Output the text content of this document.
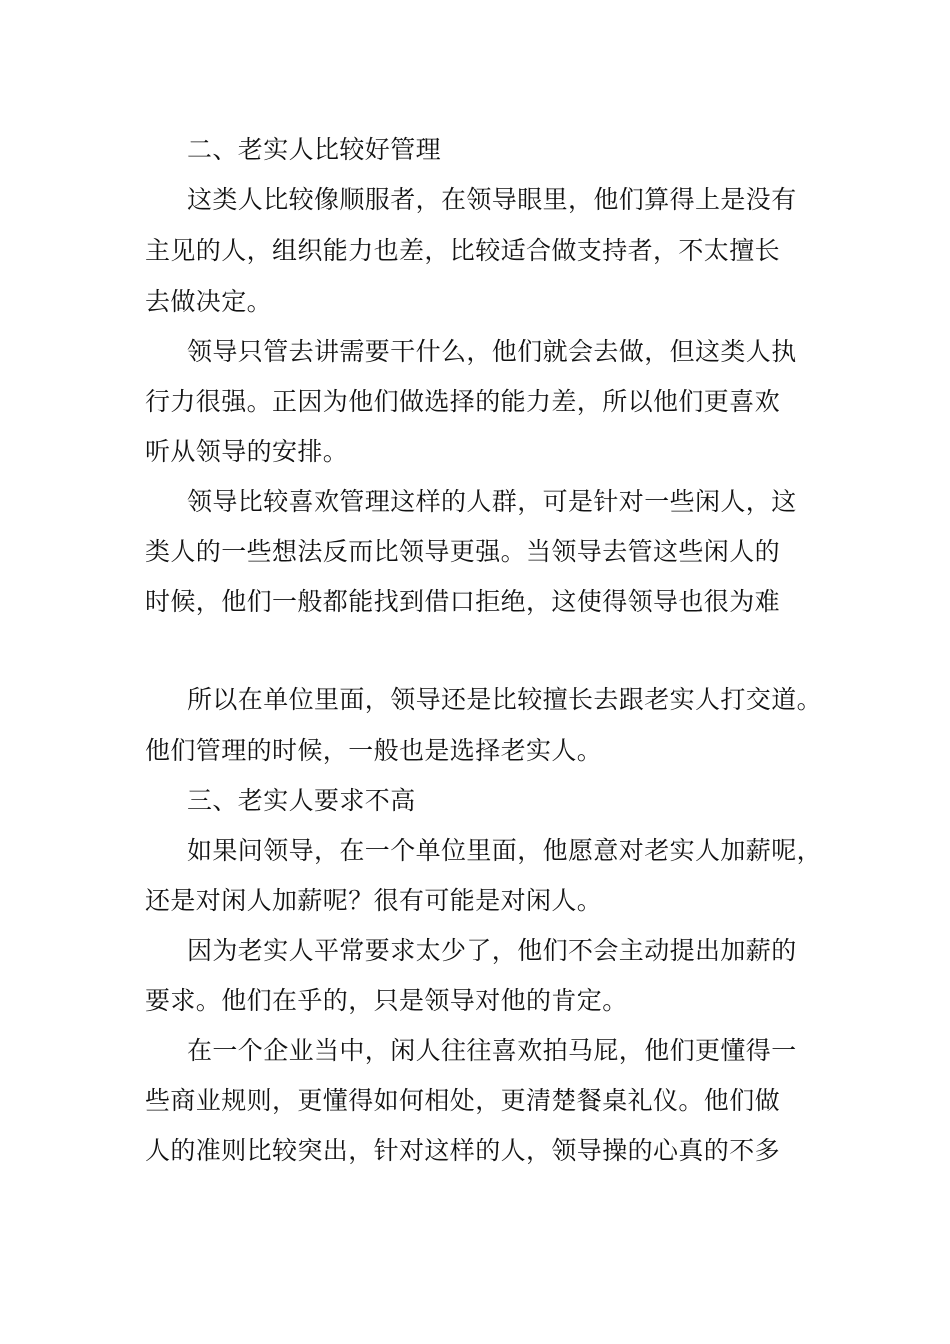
二、老实人比较好管理

这类人比较像顺服者，在领导眼里，他们算得上是没有

主见的人，组织能力也差，比较适合做支持者，不太擅长

去做决定。

领导只管去讲需要干什么，他们就会去做，但这类人执

行力很强。正因为他们做选择的能力差，所以他们更喜欢

听从领导的安排。

领导比较喜欢管理这样的人群，可是针对一些闲人，这

类人的一些想法反而比领导更强。当领导去管这些闲人的

时候，他们一般都能找到借口拒绝，这使得领导也很为难

所以在单位里面，领导还是比较擅长去跟老实人打交道。

他们管理的时候，一般也是选择老实人。

三、老实人要求不高

如果问领导，在一个单位里面，他愿意对老实人加薪呢，

还是对闲人加薪呢？很有可能是对闲人。

因为老实人平常要求太少了，他们不会主动提出加薪的

要求。他们在乎的，只是领导对他的肯定。

在一个企业当中，闲人往往喜欢拍马屁，他们更懂得一

些商业规则，更懂得如何相处，更清楚餐桌礼仪。他们做

人的准则比较突出，针对这样的人，领导操的心真的不多
